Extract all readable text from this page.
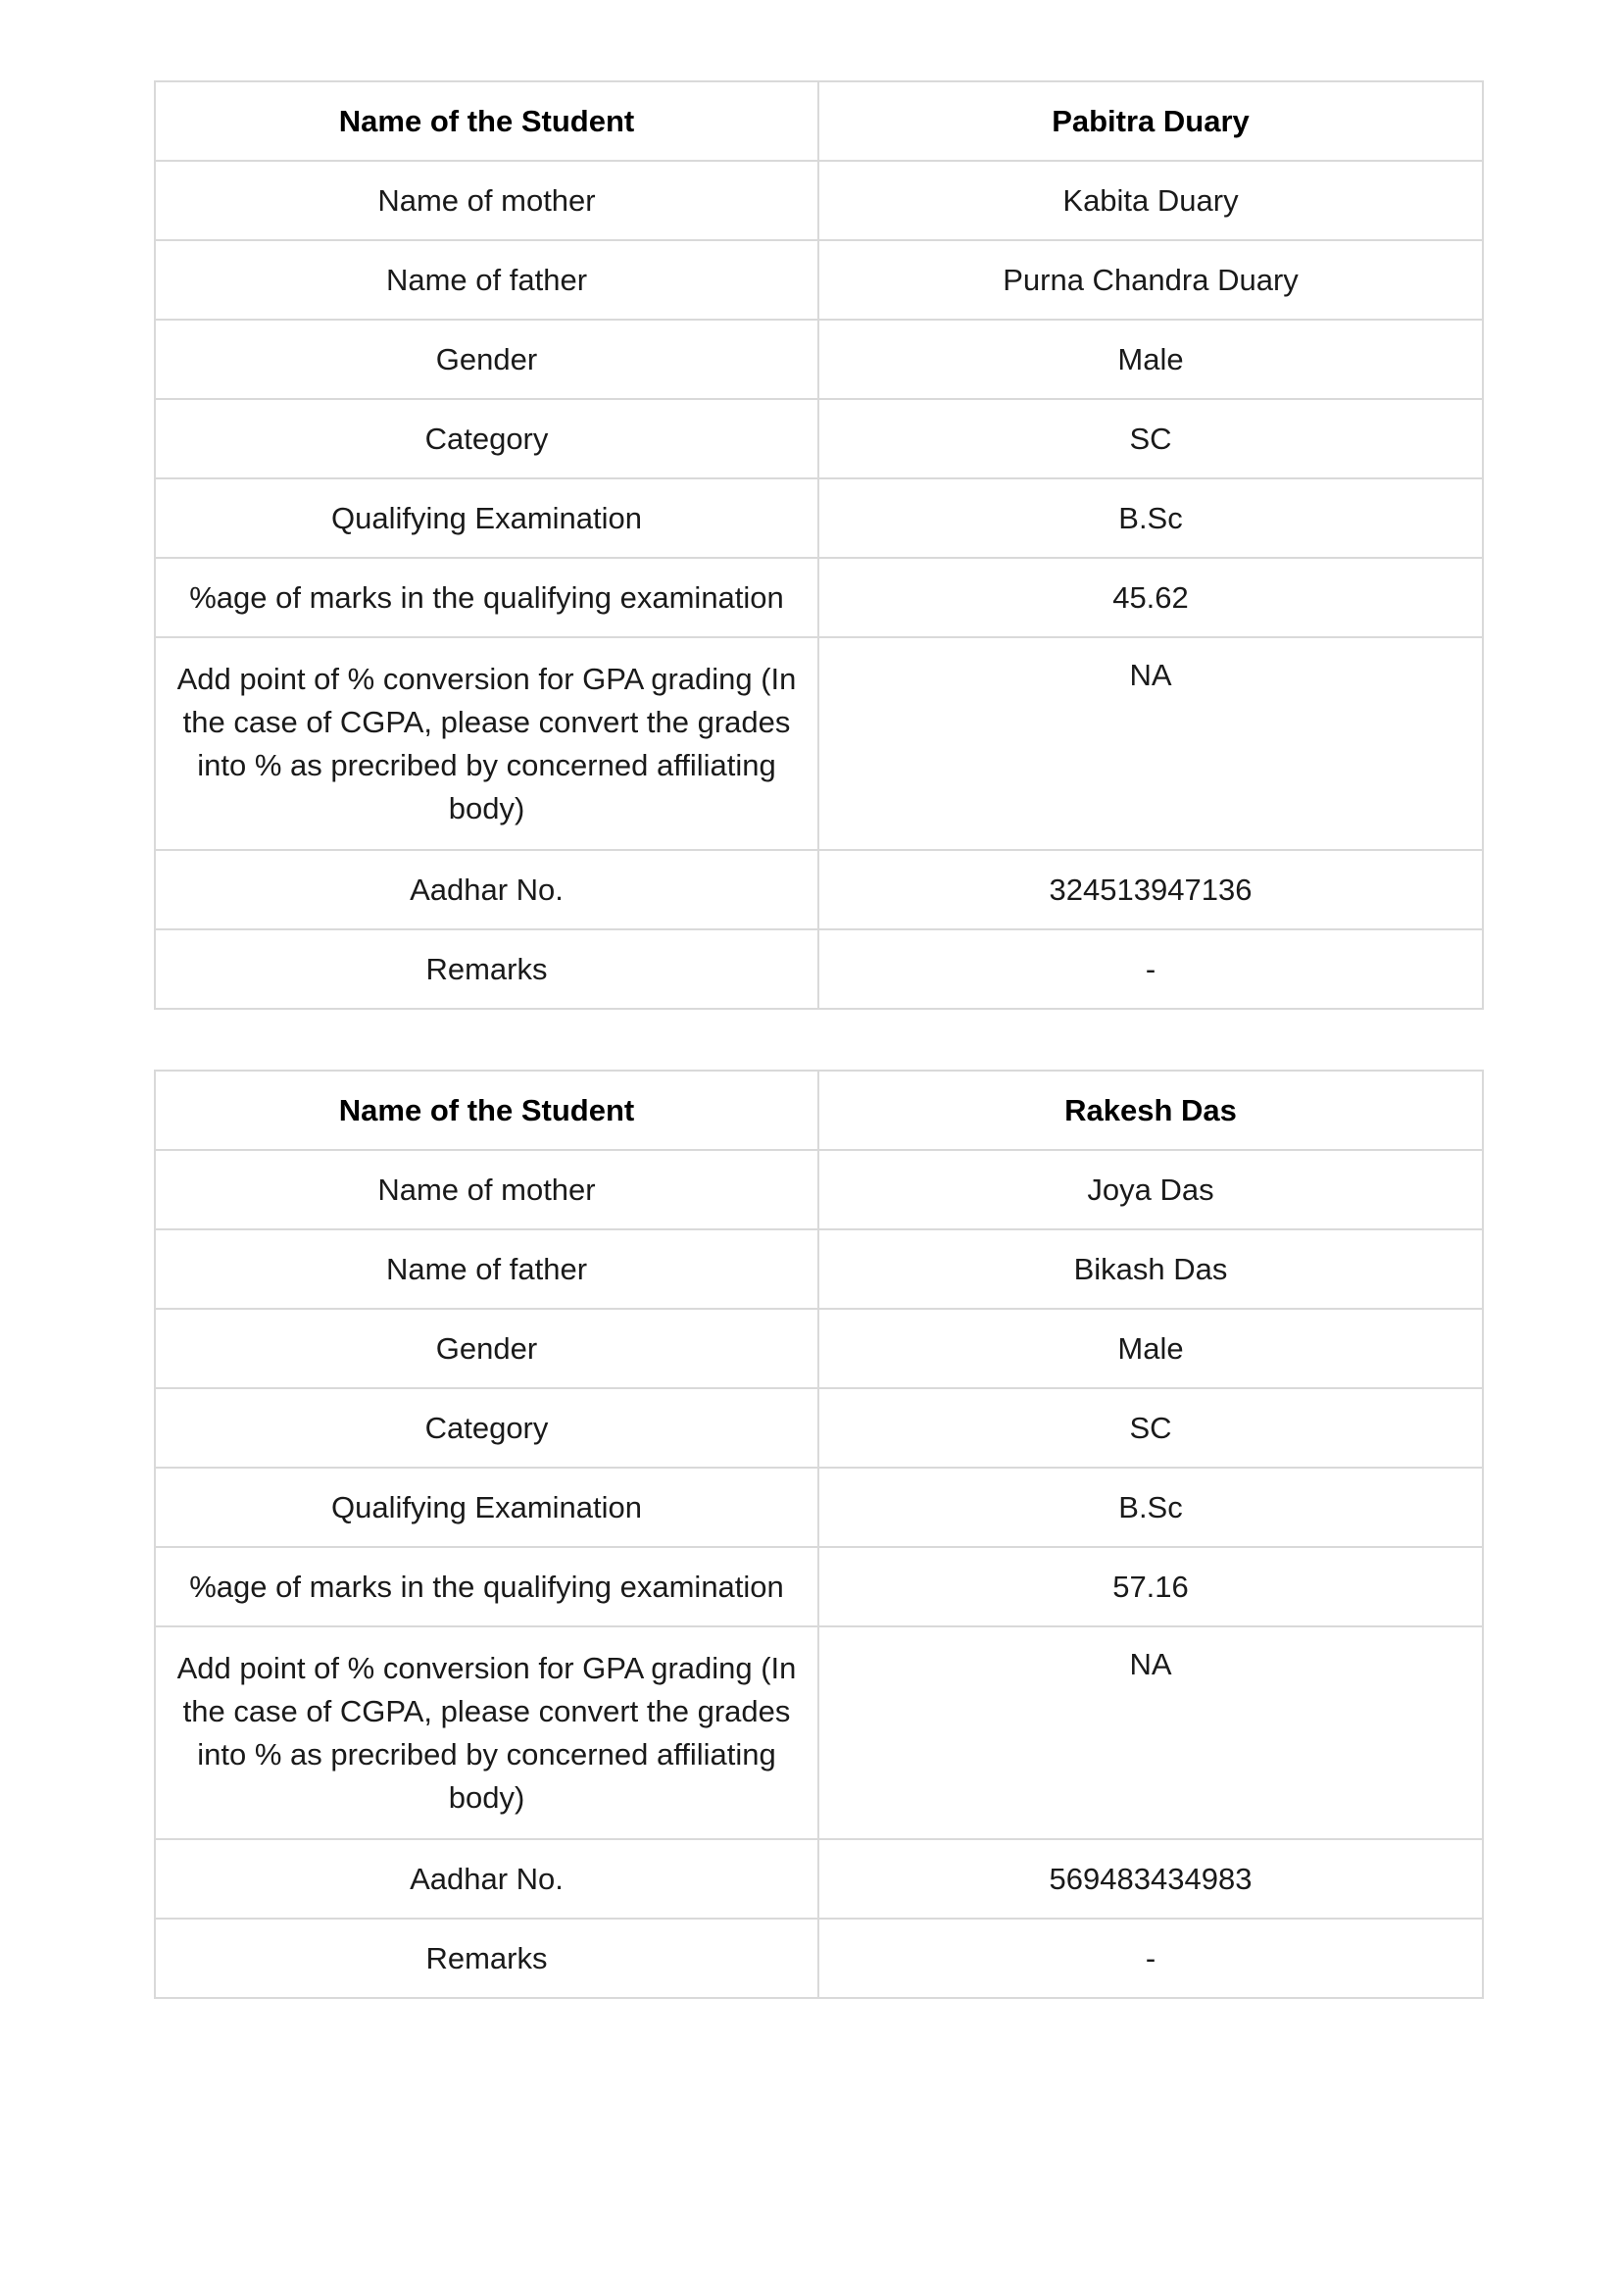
Name of the Student	Pabitra Duary
Name of mother	Kabita Duary
Name of father	Purna Chandra Duary
Gender	Male
Category	SC
Qualifying Examination	B.Sc
%age of marks in the qualifying examination	45.62
Add point of % conversion for GPA grading (In the case of CGPA, please convert the grades into % as precribed by concerned affiliating body)	NA
Aadhar No.	324513947136
Remarks	-
Name of the Student	Rakesh Das
Name of mother	Joya Das
Name of father	Bikash Das
Gender	Male
Category	SC
Qualifying Examination	B.Sc
%age of marks in the qualifying examination	57.16
Add point of % conversion for GPA grading (In the case of CGPA, please convert the grades into % as precribed by concerned affiliating body)	NA
Aadhar No.	569483434983
Remarks	-
